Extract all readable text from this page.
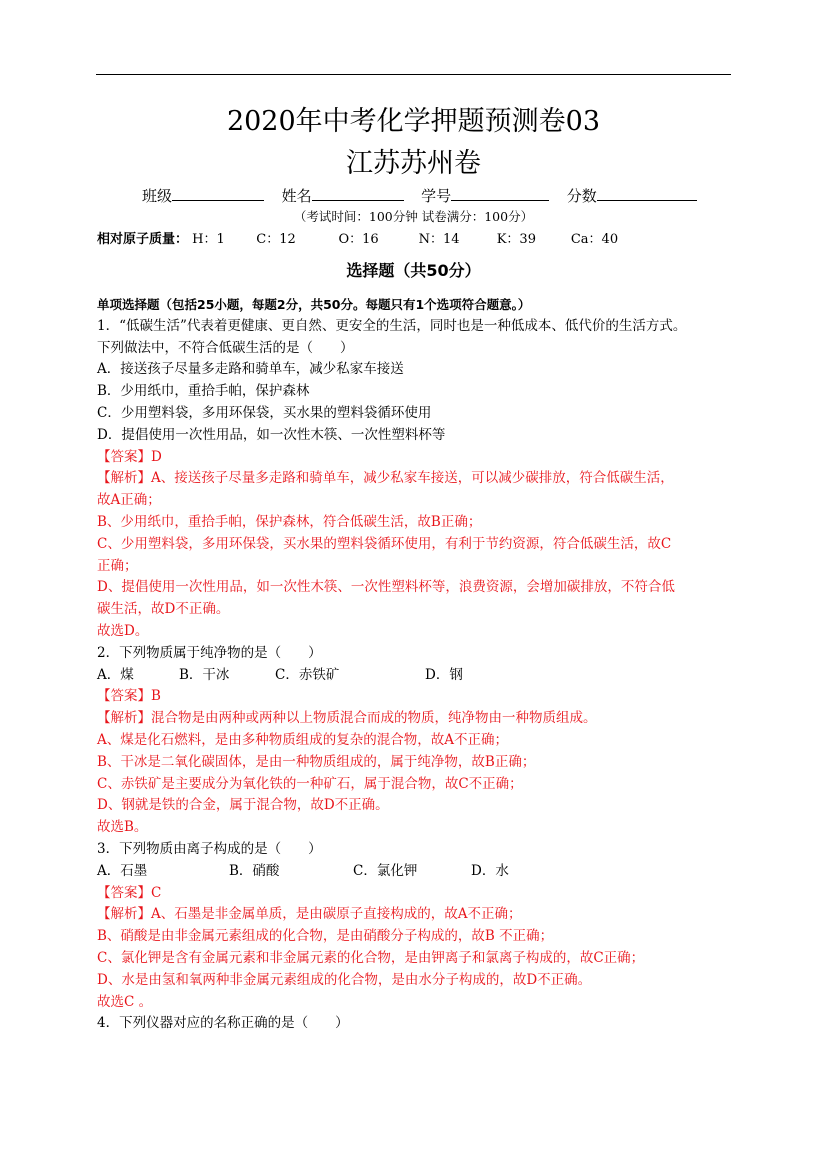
2020年中考化学押题预测卷03
江苏苏州卷
班级	姓名	学号	分数
（考试时间：100分钟 试卷满分：100分）
相对原子质量： H：1 C：12	O：16	N：14	K：39	Ca：40
选择题（共50分）
单项选择题（包括25小题，每题2分，共50分。每题只有1个选项符合题意。）
1．“低碳生活”代表着更健康、更自然、更安全的生活，同时也是一种低成本、低代价的生活方式。
下列做法中，不符合低碳生活的是（　　）
A．接送孩子尽量多走路和骑单车，减少私家车接送
B．少用纸巾，重拾手帕，保护森林
C．少用塑料袋，多用环保袋，买水果的塑料袋循环使用
D．提倡使用一次性用品，如一次性木筷、一次性塑料杯等
【答案】D
【解析】A、接送孩子尽量多走路和骑单车，减少私家车接送，可以减少碳排放，符合低碳生活，
故A正确；
B、少用纸巾，重拾手帕，保护森林，符合低碳生活，故B正确；
C、少用塑料袋，多用环保袋，买水果的塑料袋循环使用，有利于节约资源，符合低碳生活，故C
正确；
D、提倡使用一次性用品，如一次性木筷、一次性塑料杯等，浪费资源，会增加碳排放，不符合低
碳生活，故D不正确。
故选D。
2．下列物质属于纯净物的是（　　）
A．煤	B．干冰	C．赤铁矿	D．钢
【答案】B
【解析】混合物是由两种或两种以上物质混合而成的物质，纯净物由一种物质组成。
A、煤是化石燃料，是由多种物质组成的复杂的混合物，故A不正确；
B、干冰是二氧化碳固体，是由一种物质组成的，属于纯净物，故B正确；
C、赤铁矿是主要成分为氧化铁的一种矿石，属于混合物，故C不正确；
D、钢就是铁的合金，属于混合物，故D不正确。
故选B。
3．下列物质由离子构成的是（　　）
A．石墨	B．硝酸	C．氯化钾	D．水
【答案】C
【解析】A、石墨是非金属单质，是由碳原子直接构成的，故A不正确；
B、硝酸是由非金属元素组成的化合物，是由硝酸分子构成的，故B 不正确；
C、氯化钾是含有金属元素和非金属元素的化合物，是由钾离子和氯离子构成的，故C正确；
D、水是由氢和氧两种非金属元素组成的化合物，是由水分子构成的，故D不正确。
故选C 。
4．下列仪器对应的名称正确的是（　　）
